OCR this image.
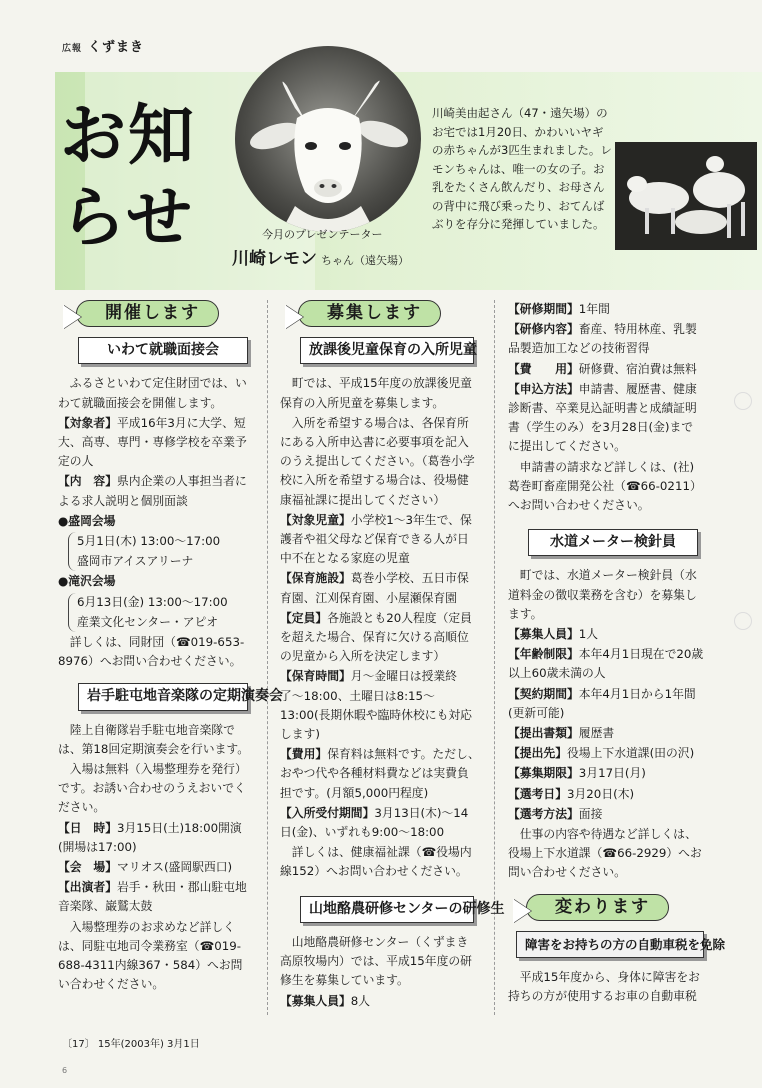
広報 くずまき
お知
らせ	今月のプレゼンテーター
川崎レモン ちゃん（遠矢場）
川崎美由起さん（47・遠矢場）のお宅では1月20日、かわいいヤギの赤ちゃんが3匹生まれました。レモンちゃんは、唯一の女の子。お乳をたくさん飲んだり、お母さんの背中に飛び乗ったり、おてんばぶりを存分に発揮していました。
開催します
いわて就職面接会

ふるさといわて定住財団では、いわて就職面接会を開催します。

【対象者】平成16年3月に大学、短大、高専、専門・専修学校を卒業予定の人

【内　容】県内企業の人事担当者による求人説明と個別面談

●盛岡会場

5月1日(木) 13:00〜17:00

盛岡市アイスアリーナ

●滝沢会場

6月13日(金) 13:00〜17:00

産業文化センター・アピオ

詳しくは、同財団（☎019-653-8976）へお問い合わせください。

岩手駐屯地音楽隊の定期演奏会

陸上自衛隊岩手駐屯地音楽隊では、第18回定期演奏会を行います。

入場は無料（入場整理券を発行）です。お誘い合わせのうえおいでください。

【日　時】3月15日(土)18:00開演(開場は17:00)

【会　場】マリオス(盛岡駅西口)

【出演者】岩手・秋田・郡山駐屯地音楽隊、巌鷲太鼓

入場整理券のお求めなど詳しくは、同駐屯地司令業務室（☎019-688-4311内線367・584）へお問い合わせください。

募集します
放課後児童保育の入所児童

町では、平成15年度の放課後児童保育の入所児童を募集します。

入所を希望する場合は、各保育所にある入所申込書に必要事項を記入のうえ提出してください。（葛巻小学校に入所を希望する場合は、役場健康福祉課に提出してください）

【対象児童】小学校1〜3年生で、保護者や祖父母など保育できる人が日中不在となる家庭の児童

【保育施設】葛巻小学校、五日市保育園、江刈保育園、小屋瀬保育園

【定員】各施設とも20人程度（定員を超えた場合、保育に欠ける高順位の児童から入所を決定します）

【保育時間】月〜金曜日は授業終了〜18:00、土曜日は8:15〜13:00(長期休暇や臨時休校にも対応します)

【費用】保育料は無料です。ただし、おやつ代や各種材料費などは実費負担です。(月額5,000円程度)

【入所受付期間】3月13日(木)〜14日(金)、いずれも9:00〜18:00

詳しくは、健康福祉課（☎役場内線152）へお問い合わせください。

山地酪農研修センターの研修生

山地酪農研修センター（くずまき高原牧場内）では、平成15年度の研修生を募集しています。

【募集人員】8人

【研修期間】1年間

【研修内容】畜産、特用林産、乳製品製造加工などの技術習得

【費　　用】研修費、宿泊費は無料

【申込方法】申請書、履歴書、健康診断書、卒業見込証明書と成績証明書（学生のみ）を3月28日(金)までに提出してください。

申請書の請求など詳しくは、(社)葛巻町畜産開発公社（☎66-0211）へお問い合わせください。

水道メーター検針員

町では、水道メーター検針員（水道料金の徴収業務を含む）を募集します。

【募集人員】1人

【年齢制限】本年4月1日現在で20歳以上60歳未満の人

【契約期間】本年4月1日から1年間(更新可能)

【提出書類】履歴書

【提出先】役場上下水道課(田の沢)

【募集期限】3月17日(月)

【選考日】3月20日(木)

【選考方法】面接

仕事の内容や待遇など詳しくは、役場上下水道課（☎66-2929）へお問い合わせください。

変わります
障害をお持ちの方の自動車税を免除

平成15年度から、身体に障害をお持ちの方が使用するお車の自動車税

〔17〕 15年(2003年) 3月1日
6
